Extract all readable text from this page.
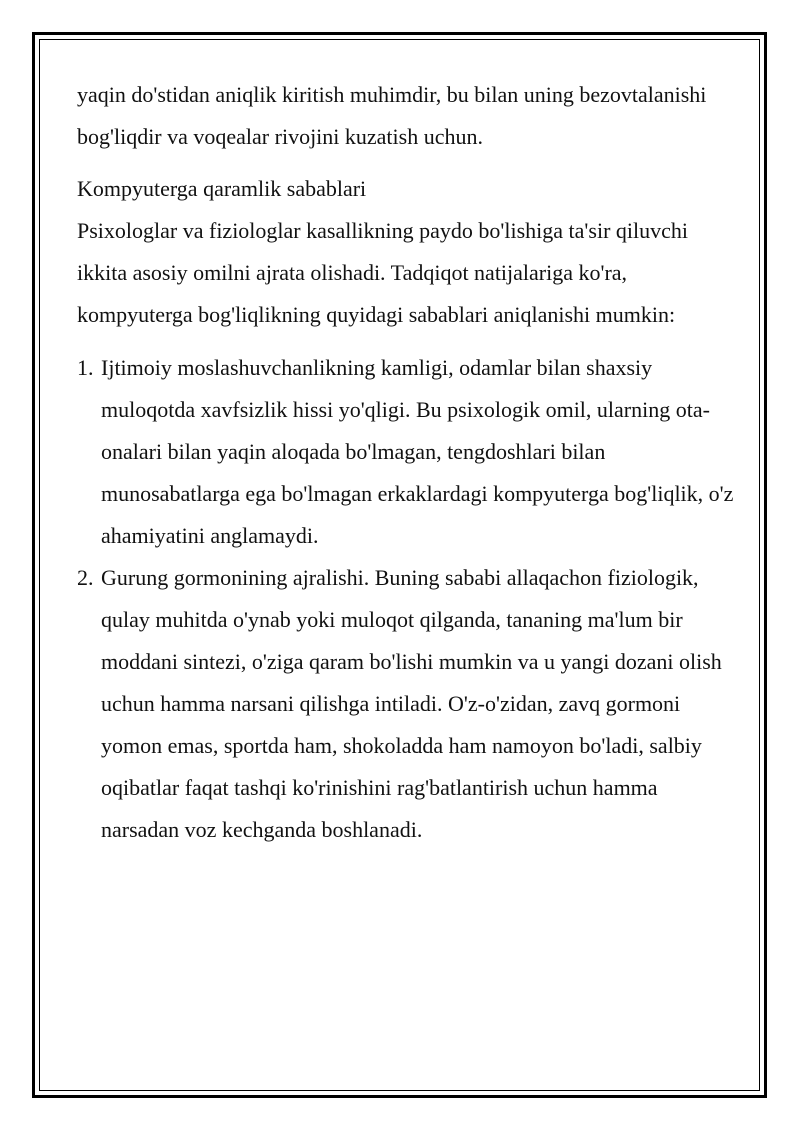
yaqin do'stidan aniqlik kiritish muhimdir, bu bilan uning bezovtalanishi bog'liqdir va voqealar rivojini kuzatish uchun.

Kompyuterga qaramlik sabablari

Psixologlar va fiziologlar kasallikning paydo bo'lishiga ta'sir qiluvchi ikkita asosiy omilni ajrata olishadi. Tadqiqot natijalariga ko'ra, kompyuterga bog'liqlikning quyidagi sabablari aniqlanishi mumkin:

1. Ijtimoiy moslashuvchanlikning kamligi, odamlar bilan shaxsiy muloqotda xavfsizlik hissi yo'qligi. Bu psixologik omil, ularning ota-onalari bilan yaqin aloqada bo'lmagan, tengdoshlari bilan munosabatlarga ega bo'lmagan erkaklardagi kompyuterga bog'liqlik, o'z ahamiyatini anglamaydi.
2. Gurung gormonining ajralishi. Buning sababi allaqachon fiziologik, qulay muhitda o'ynab yoki muloqot qilganda, tananing ma'lum bir moddani sintezi, o'ziga qaram bo'lishi mumkin va u yangi dozani olish uchun hamma narsani qilishga intiladi. O'z-o'zidan, zavq gormoni yomon emas, sportda ham, shokoladda ham namoyon bo'ladi, salbiy oqibatlar faqat tashqi ko'rinishini rag'batlantirish uchun hamma narsadan voz kechganda boshlanadi.
